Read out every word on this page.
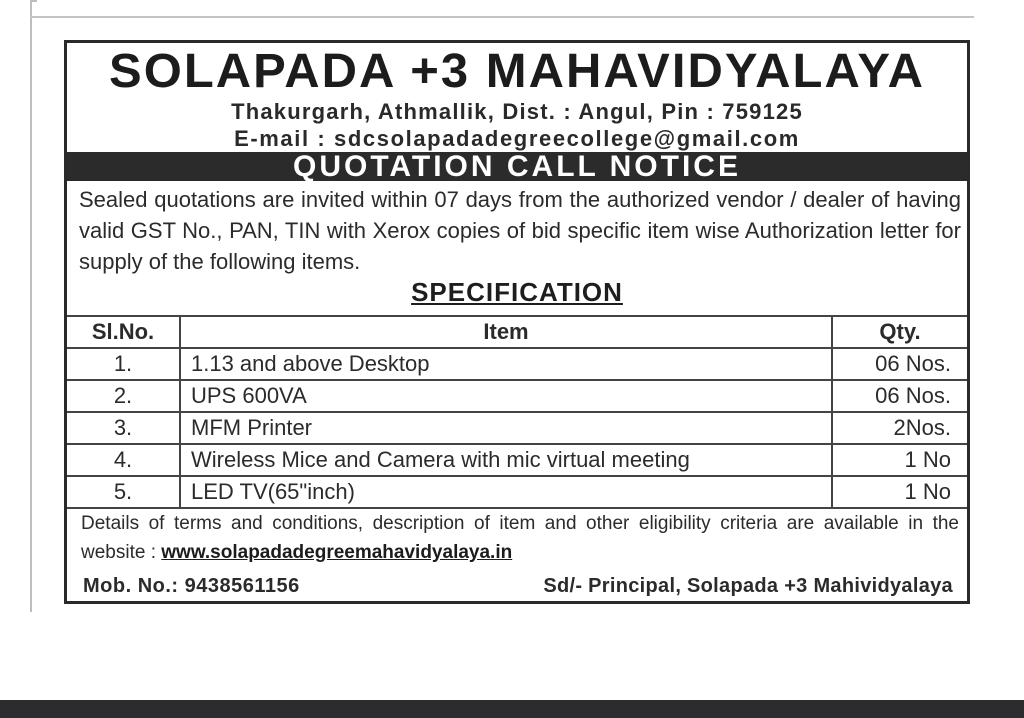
SOLAPADA +3 MAHAVIDYALAYA
Thakurgarh, Athmallik, Dist. : Angul, Pin : 759125
E-mail : sdcsolapadadegreecollege@gmail.com
QUOTATION CALL NOTICE
Sealed quotations are invited within 07 days from the authorized vendor / dealer of having valid GST No., PAN, TIN with Xerox copies of bid specific item wise Authorization letter for supply of the following items.
SPECIFICATION
Sl.No.	Item	Qty.
1.	1.13 and above Desktop	06 Nos.
2.	UPS 600VA	06 Nos.
3.	MFM Printer	2Nos.
4.	Wireless Mice and Camera with mic virtual meeting	1 No
5.	LED TV(65"inch)	1 No
Details of terms and conditions, description of item and other eligibility criteria are available in the website : www.solapadadegreemahavidyalaya.in
Mob. No.: 9438561156	Sd/- Principal, Solapada +3 Mahividyalaya
